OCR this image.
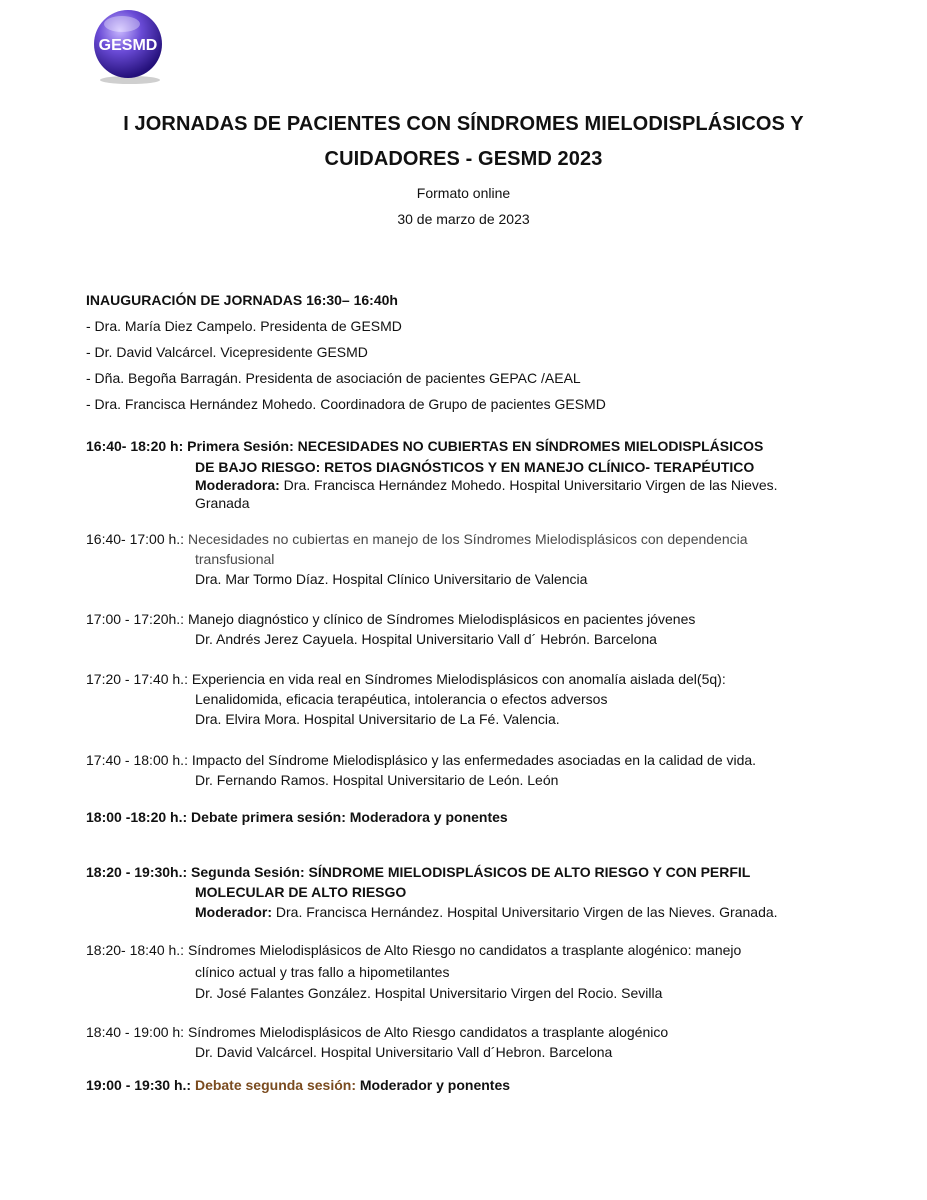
GESMD
I JORNADAS DE PACIENTES CON SÍNDROMES MIELODISPLÁSICOS Y
CUIDADORES - GESMD 2023
Formato online
30 de marzo de 2023
INAUGURACIÓN DE JORNADAS 16:30– 16:40h
- Dra. María Diez Campelo. Presidenta de GESMD
- Dr. David Valcárcel. Vicepresidente GESMD
- Dña. Begoña Barragán. Presidenta de asociación de pacientes GEPAC /AEAL
- Dra. Francisca Hernández Mohedo. Coordinadora de Grupo de pacientes GESMD
16:40- 18:20 h: Primera Sesión: NECESIDADES NO CUBIERTAS EN SÍNDROMES MIELODISPLÁSICOS
DE BAJO RIESGO: RETOS DIAGNÓSTICOS Y EN MANEJO CLÍNICO- TERAPÉUTICO
Moderadora: Dra. Francisca Hernández Mohedo. Hospital Universitario Virgen de las Nieves.
Granada
16:40- 17:00 h.: Necesidades no cubiertas en manejo de los Síndromes Mielodisplásicos con dependencia
transfusional
Dra. Mar Tormo Díaz. Hospital Clínico Universitario de Valencia
17:00 - 17:20h.: Manejo diagnóstico y clínico de Síndromes Mielodisplásicos en pacientes jóvenes
Dr. Andrés Jerez Cayuela. Hospital Universitario Vall d´ Hebrón. Barcelona
17:20 - 17:40 h.: Experiencia en vida real en Síndromes Mielodisplásicos con anomalía aislada del(5q):
Lenalidomida, eficacia terapéutica, intolerancia o efectos adversos
Dra. Elvira Mora. Hospital Universitario de La Fé. Valencia.
17:40 - 18:00 h.: Impacto del Síndrome Mielodisplásico y las enfermedades asociadas en la calidad de vida.
Dr. Fernando Ramos. Hospital Universitario de León. León
18:00 -18:20 h.: Debate primera sesión: Moderadora y ponentes
18:20 - 19:30h.: Segunda Sesión: SÍNDROME MIELODISPLÁSICOS DE ALTO RIESGO Y CON PERFIL
MOLECULAR DE ALTO RIESGO
Moderador: Dra. Francisca Hernández. Hospital Universitario Virgen de las Nieves. Granada.
18:20- 18:40 h.: Síndromes Mielodisplásicos de Alto Riesgo no candidatos a trasplante alogénico: manejo
clínico actual y tras fallo a hipometilantes
Dr. José Falantes González. Hospital Universitario Virgen del Rocio. Sevilla
18:40 - 19:00 h: Síndromes Mielodisplásicos de Alto Riesgo candidatos a trasplante alogénico
Dr. David Valcárcel. Hospital Universitario Vall d´Hebron. Barcelona
19:00 - 19:30 h.: Debate segunda sesión: Moderador y ponentes
